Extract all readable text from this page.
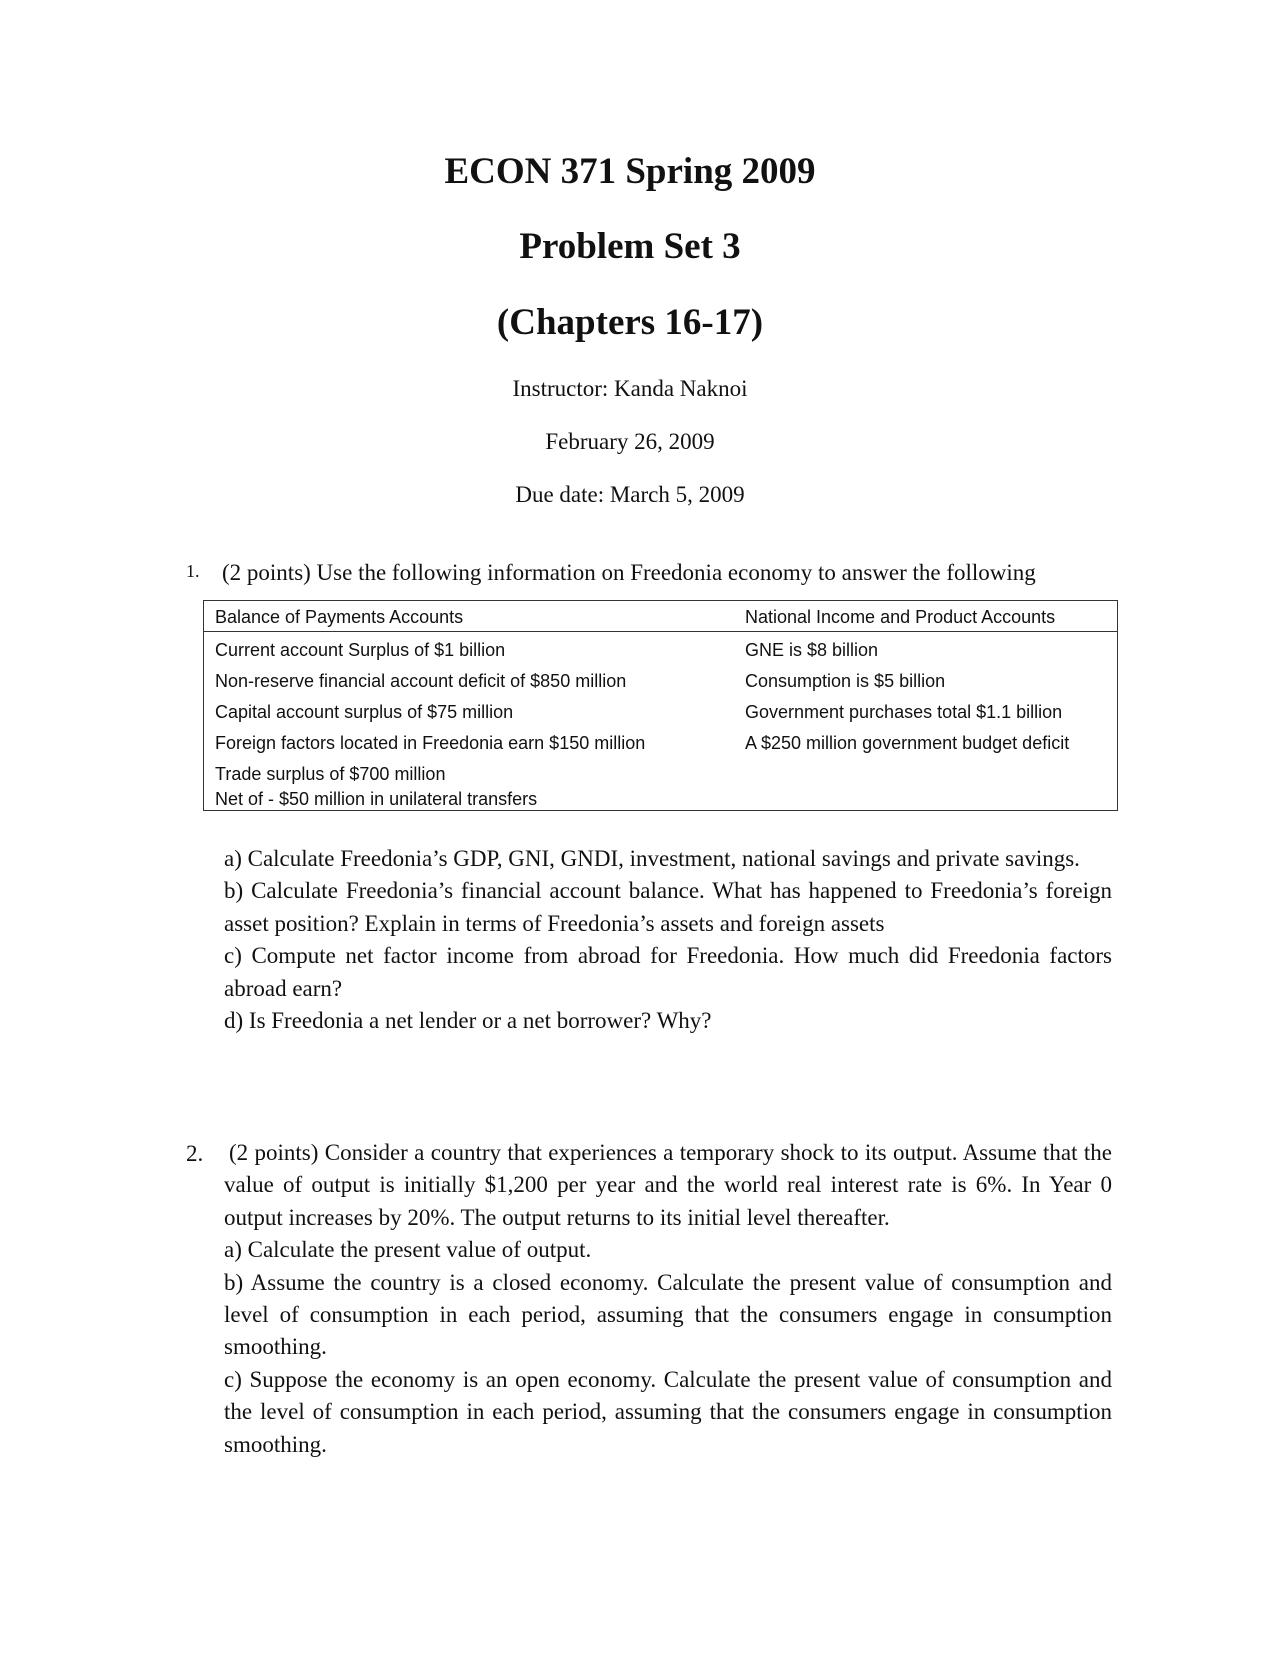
ECON 371 Spring 2009
Problem Set 3
(Chapters 16-17)
Instructor: Kanda Naknoi
February 26, 2009
Due date: March 5, 2009
1. (2 points) Use the following information on Freedonia economy to answer the following
Balance of Payments Accounts	National Income and Product Accounts
Current account Surplus of $1 billion
Non-reserve financial account deficit of $850 million
Capital account surplus of $75 million
Foreign factors located in Freedonia earn $150 million
Trade surplus of $700 million
Net of - $50 million in unilateral transfers
GNE is $8 billion
Consumption is $5 billion
Government purchases total $1.1 billion
A $250 million government budget deficit

a) Calculate Freedonia’s GDP, GNI, GNDI, investment, national savings and private savings.

b) Calculate Freedonia’s financial account balance. What has happened to Freedonia’s foreign asset position? Explain in terms of Freedonia’s assets and foreign assets

c) Compute net factor income from abroad for Freedonia. How much did Freedonia factors abroad earn?

d) Is Freedonia a net lender or a net borrower? Why?

2. (2 points) Consider a country that experiences a temporary shock to its output. Assume that the value of output is initially $1,200 per year and the world real interest rate is 6%. In Year 0 output increases by 20%. The output returns to its initial level thereafter.

a) Calculate the present value of output.

b) Assume the country is a closed economy. Calculate the present value of consumption and level of consumption in each period, assuming that the consumers engage in consumption smoothing.

c) Suppose the economy is an open economy. Calculate the present value of consumption and the level of consumption in each period, assuming that the consumers engage in consumption smoothing.
